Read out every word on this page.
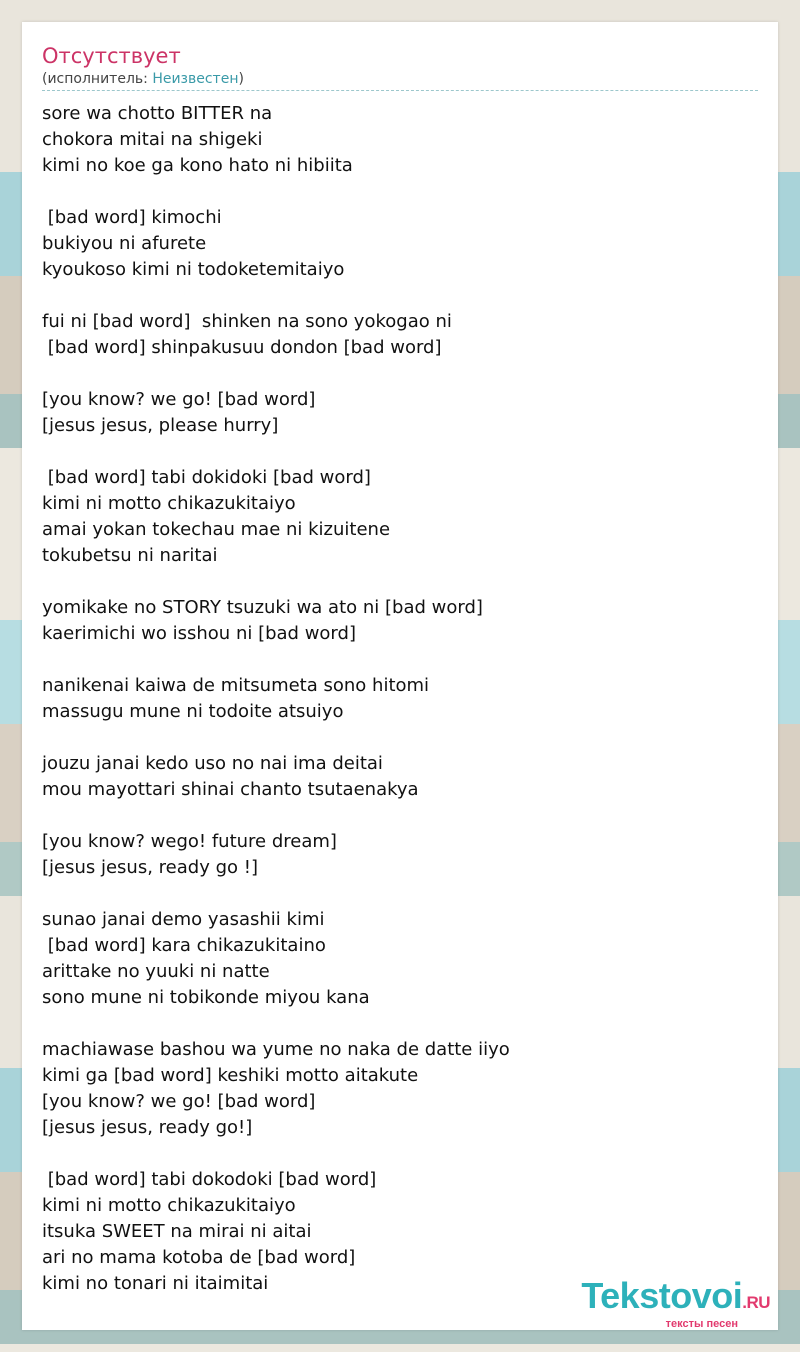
Отсутствует
(исполнитель: Неизвестен)
sore wa chotto BITTER na
chokora mitai na shigeki
kimi no koe ga kono hato ni hibiita
[bad word] kimochi
bukiyou ni afurete
kyoukoso kimi ni todoketemitaiyo
fui ni [bad word]  shinken na sono yokogao ni
[bad word] shinpakusuu dondon [bad word]
[you know? we go! [bad word]
[jesus jesus, please hurry]
[bad word] tabi dokidoki [bad word]
kimi ni motto chikazukitaiyo
amai yokan tokechau mae ni kizuitene
tokubetsu ni naritai
yomikake no STORY tsuzuki wa ato ni [bad word]
kaerimichi wo isshou ni [bad word]
nanikenai kaiwa de mitsumeta sono hitomi
massugu mune ni todoite atsuiyo
jouzu janai kedo uso no nai ima deitai
mou mayottari shinai chanto tsutaenakya
[you know? wego! future dream]
[jesus jesus, ready go !]
sunao janai demo yasashii kimi
[bad word] kara chikazukitaino
arittake no yuuki ni natte
sono mune ni tobikonde miyou kana
machiawase bashou wa yume no naka de datte iiyo
kimi ga [bad word] keshiki motto aitakute
[you know? we go! [bad word]
[jesus jesus, ready go!]
[bad word] tabi dokodoki [bad word]
kimi ni motto chikazukitaiyo
itsuka SWEET na mirai ni aitai
ari no mama kotoba de [bad word]
kimi no tonari ni itaimitai	Tekstovoi.RU
тексты песен
